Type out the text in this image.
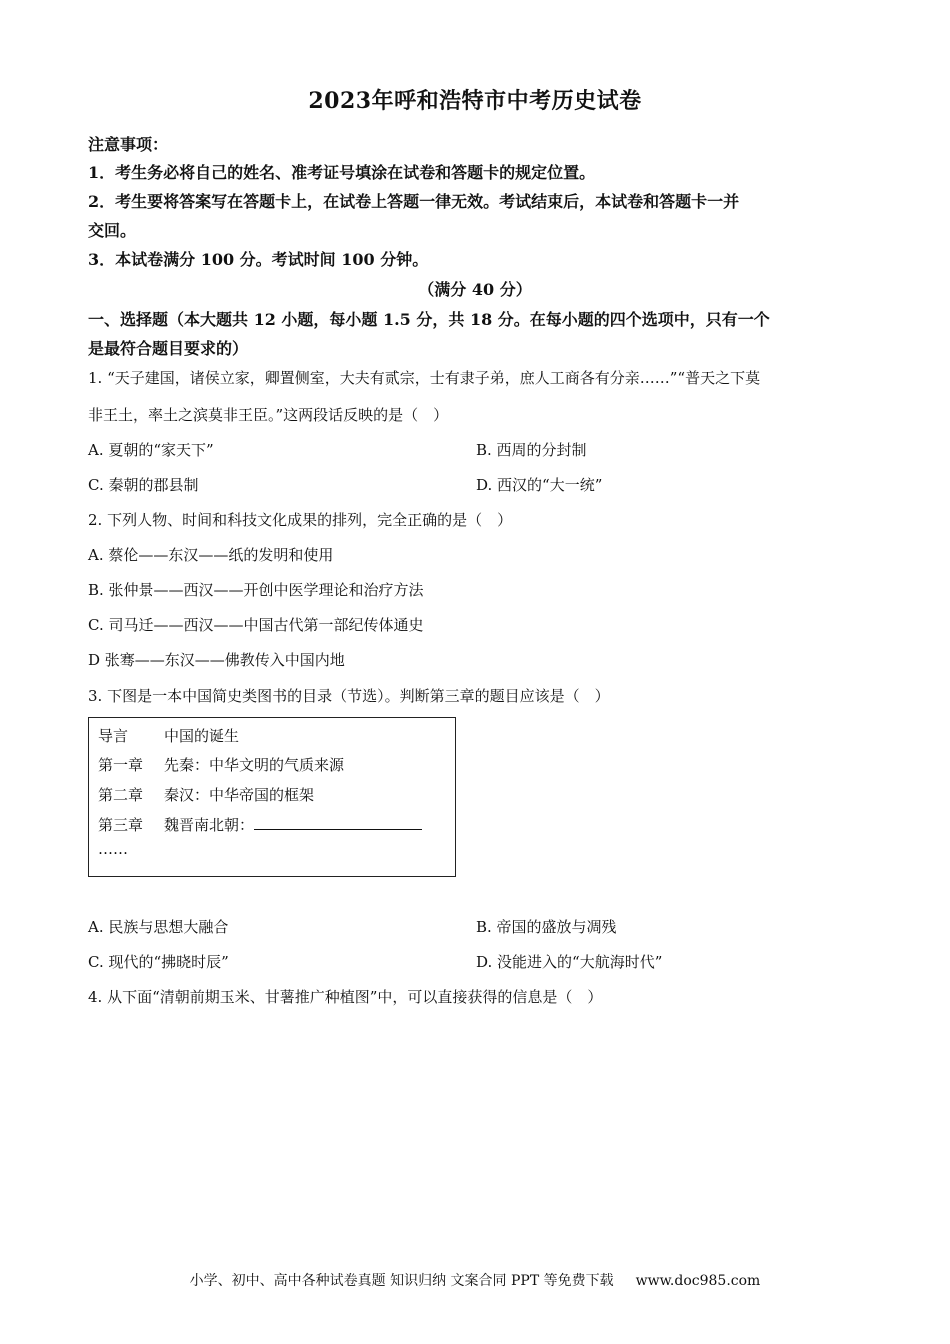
2023年呼和浩特市中考历史试卷
注意事项：
1．考生务必将自己的姓名、准考证号填涂在试卷和答题卡的规定位置。
2．考生要将答案写在答题卡上，在试卷上答题一律无效。考试结束后，本试卷和答题卡一并
交回。
3．本试卷满分 100 分。考试时间 100 分钟。
（满分 40 分）
一、选择题（本大题共 12 小题，每小题 1.5 分，共 18 分。在每小题的四个选项中，只有一个
是最符合题目要求的）
1. “天子建国，诸侯立家，卿置侧室，大夫有贰宗，士有隶子弟，庶人工商各有分亲……”“普天之下莫
非王土，率土之滨莫非王臣。”这两段话反映的是（　）
A. 夏朝的“家天下”	B. 西周的分封制
C. 秦朝的郡县制	D. 西汉的“大一统”
2. 下列人物、时间和科技文化成果的排列，完全正确的是（　）
A. 蔡伦——东汉——纸的发明和使用
B. 张仲景——西汉——开创中医学理论和治疗方法
C. 司马迁——西汉——中国古代第一部纪传体通史
D 张骞——东汉——佛教传入中国内地
3. 下图是一本中国简史类图书的目录（节选）。判断第三章的题目应该是（　）
导言 中国的诞生
第一章 先秦：中华文明的气质来源
第二章 秦汉：中华帝国的框架
第三章 魏晋南北朝：
……
A. 民族与思想大融合	B. 帝国的盛放与凋残
C. 现代的“拂晓时辰”	D. 没能进入的“大航海时代”
4. 从下面“清朝前期玉米、甘薯推广种植图”中，可以直接获得的信息是（　）
小学、初中、高中各种试卷真题 知识归纳 文案合同 PPT 等免费下载 www.doc985.com
